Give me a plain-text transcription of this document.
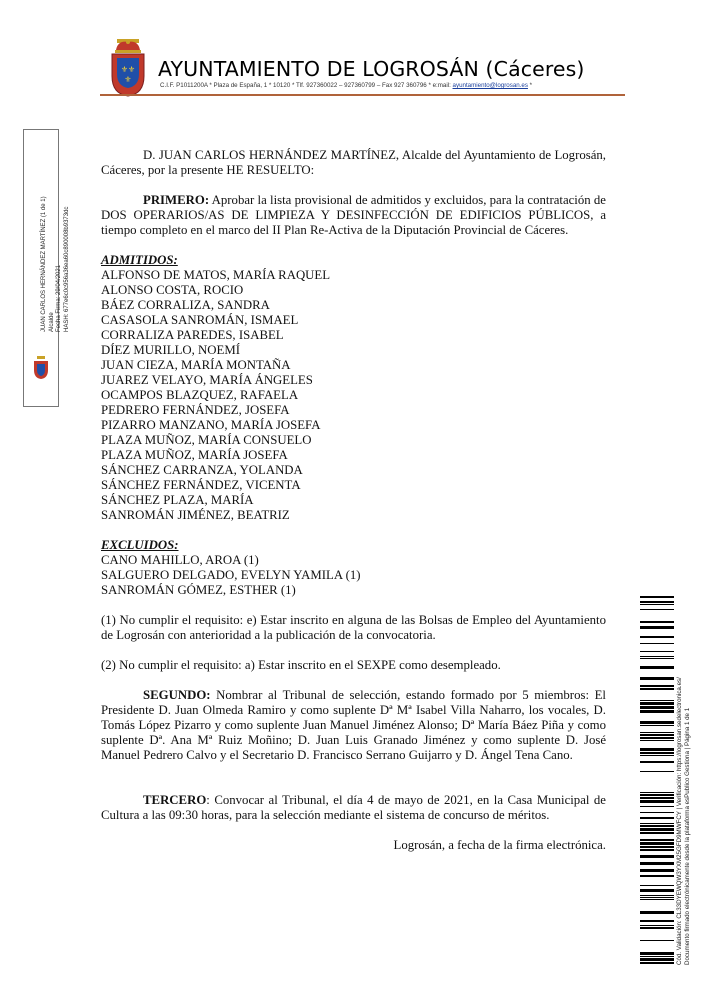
⚜⚜
⚜ AYUNTAMIENTO DE LOGROSÁN (Cáceres)
C.I.F. P1011200A * Plaza de España, 1 * 10120 * Tlf. 927360022 – 927360799 – Fax 927 360796 * e:mail: ayuntamiento@logrosan.es *
JUAN CARLOS HERNÁNDEZ MARTÍNEZ (1 de 1) Alcalde Fecha Firma: 29/04/2021 HASH: 677e6c0c956a36ea60c890008b9373dc
Cód. Validación: CL33DYEWQW3YXM25GFD9MWFCY | Verificación: https://logrosan.sedelectronica.es/ Documento firmado electrónicamente desde la plataforma esPublico Gestiona | Página 1 de 1

D. JUAN CARLOS HERNÁNDEZ MARTÍNEZ, Alcalde del Ayuntamiento de Logrosán, Cáceres, por la presente HE RESUELTO:

PRIMERO: Aprobar la lista provisional de admitidos y excluidos, para la contratación de DOS OPERARIOS/AS DE LIMPIEZA Y DESINFECCIÓN DE EDIFICIOS PÚBLICOS, a tiempo completo en el marco del II Plan Re-Activa de la Diputación Provincial de Cáceres.

ADMITIDOS:

ALFONSO DE MATOS, MARÍA RAQUEL

ALONSO COSTA, ROCIO

BÁEZ CORRALIZA, SANDRA

CASASOLA SANROMÁN, ISMAEL

CORRALIZA PAREDES, ISABEL

DÍEZ MURILLO, NOEMÍ

JUAN CIEZA, MARÍA MONTAÑA

JUAREZ VELAYO, MARÍA ÁNGELES

OCAMPOS BLAZQUEZ, RAFAELA

PEDRERO FERNÁNDEZ, JOSEFA

PIZARRO MANZANO, MARÍA JOSEFA

PLAZA MUÑOZ, MARÍA CONSUELO

PLAZA MUÑOZ, MARÍA JOSEFA

SÁNCHEZ CARRANZA, YOLANDA

SÁNCHEZ FERNÁNDEZ, VICENTA

SÁNCHEZ PLAZA, MARÍA

SANROMÁN JIMÉNEZ, BEATRIZ

EXCLUIDOS:

CANO MAHILLO, AROA (1)

SALGUERO DELGADO, EVELYN YAMILA (1)

SANROMÁN GÓMEZ, ESTHER (1)

(1) No cumplir el requisito: e) Estar inscrito en alguna de las Bolsas de Empleo del Ayuntamiento de Logrosán con anterioridad a la publicación de la convocatoria.

(2) No cumplir el requisito: a) Estar inscrito en el SEXPE como desempleado.

SEGUNDO: Nombrar al Tribunal de selección, estando formado por 5 miembros: El Presidente D. Juan Olmeda Ramiro y como suplente Dª Mª Isabel Villa Naharro, los vocales, D. Tomás López Pizarro y como suplente Juan Manuel Jiménez Alonso; Dª María Báez Piña y como suplente Dª. Ana Mª Ruiz Moñino; D. Juan Luis Granado Jiménez y como suplente D. José Manuel Pedrero Calvo y el Secretario D. Francisco Serrano Guijarro y D. Ángel Tena Cano.

TERCERO: Convocar al Tribunal, el día 4 de mayo de 2021, en la Casa Municipal de Cultura a las 09:30 horas, para la selección mediante el sistema de concurso de méritos.

Logrosán, a fecha de la firma electrónica.
